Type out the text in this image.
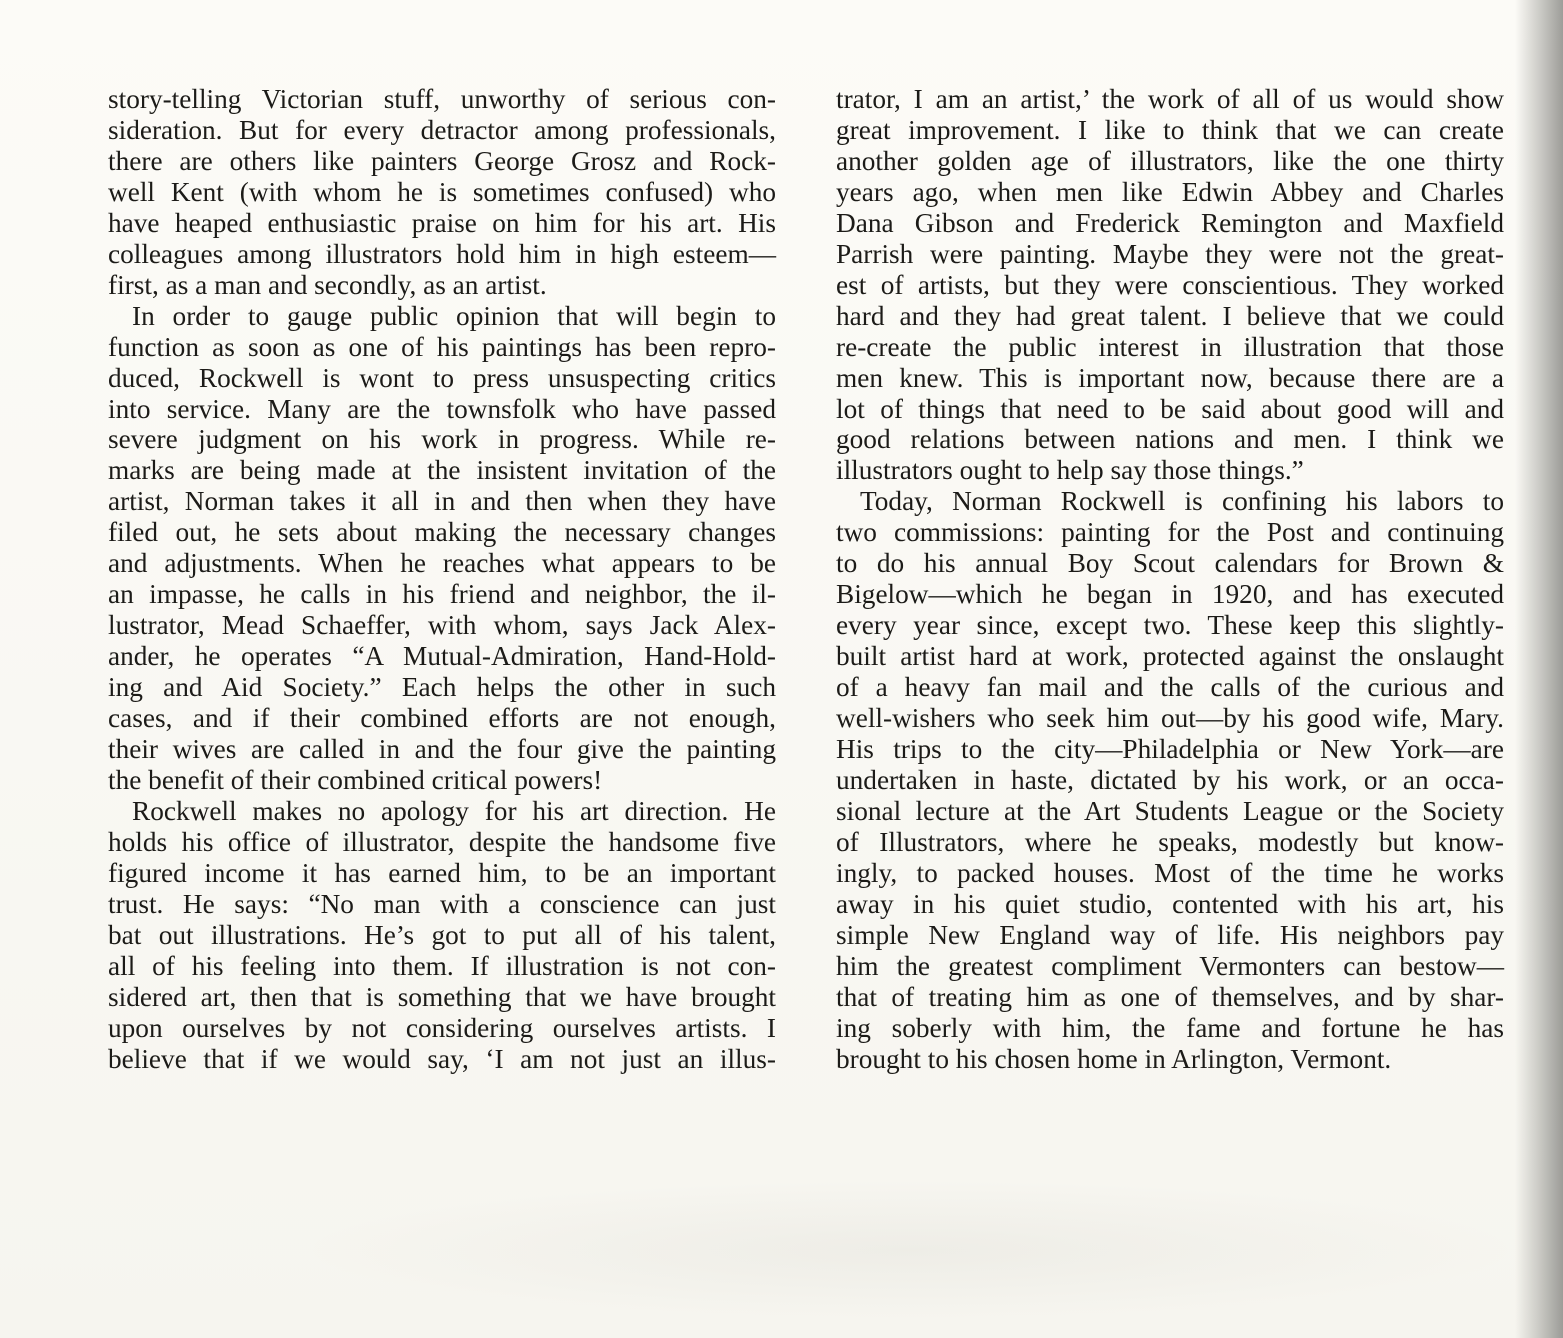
story-telling Victorian stuff, unworthy of serious con-
sideration. But for every detractor among professionals,
there are others like painters George Grosz and Rock-
well Kent (with whom he is sometimes confused) who
have heaped enthusiastic praise on him for his art. His
colleagues among illustrators hold him in high esteem—
first, as a man and secondly, as an artist.

In order to gauge public opinion that will begin to
function as soon as one of his paintings has been repro-
duced, Rockwell is wont to press unsuspecting critics
into service. Many are the townsfolk who have passed
severe judgment on his work in progress. While re-
marks are being made at the insistent invitation of the
artist, Norman takes it all in and then when they have
filed out, he sets about making the necessary changes
and adjustments. When he reaches what appears to be
an impasse, he calls in his friend and neighbor, the il-
lustrator, Mead Schaeffer, with whom, says Jack Alex-
ander, he operates “A Mutual-Admiration, Hand-Hold-
ing and Aid Society.” Each helps the other in such
cases, and if their combined efforts are not enough,
their wives are called in and the four give the painting
the benefit of their combined critical powers!

Rockwell makes no apology for his art direction. He
holds his office of illustrator, despite the handsome five
figured income it has earned him, to be an important
trust. He says: “No man with a conscience can just
bat out illustrations. He’s got to put all of his talent,
all of his feeling into them. If illustration is not con-
sidered art, then that is something that we have brought
upon ourselves by not considering ourselves artists. I
believe that if we would say, ‘I am not just an illus-

trator, I am an artist,’ the work of all of us would show
great improvement. I like to think that we can create
another golden age of illustrators, like the one thirty
years ago, when men like Edwin Abbey and Charles
Dana Gibson and Frederick Remington and Maxfield
Parrish were painting. Maybe they were not the great-
est of artists, but they were conscientious. They worked
hard and they had great talent. I believe that we could
re-create the public interest in illustration that those
men knew. This is important now, because there are a
lot of things that need to be said about good will and
good relations between nations and men. I think we
illustrators ought to help say those things.”

Today, Norman Rockwell is confining his labors to
two commissions: painting for the Post and continuing
to do his annual Boy Scout calendars for Brown &
Bigelow—which he began in 1920, and has executed
every year since, except two. These keep this slightly-
built artist hard at work, protected against the onslaught
of a heavy fan mail and the calls of the curious and
well-wishers who seek him out—by his good wife, Mary.
His trips to the city—Philadelphia or New York—are
undertaken in haste, dictated by his work, or an occa-
sional lecture at the Art Students League or the Society
of Illustrators, where he speaks, modestly but know-
ingly, to packed houses. Most of the time he works
away in his quiet studio, contented with his art, his
simple New England way of life. His neighbors pay
him the greatest compliment Vermonters can bestow—
that of treating him as one of themselves, and by shar-
ing soberly with him, the fame and fortune he has
brought to his chosen home in Arlington, Vermont.
